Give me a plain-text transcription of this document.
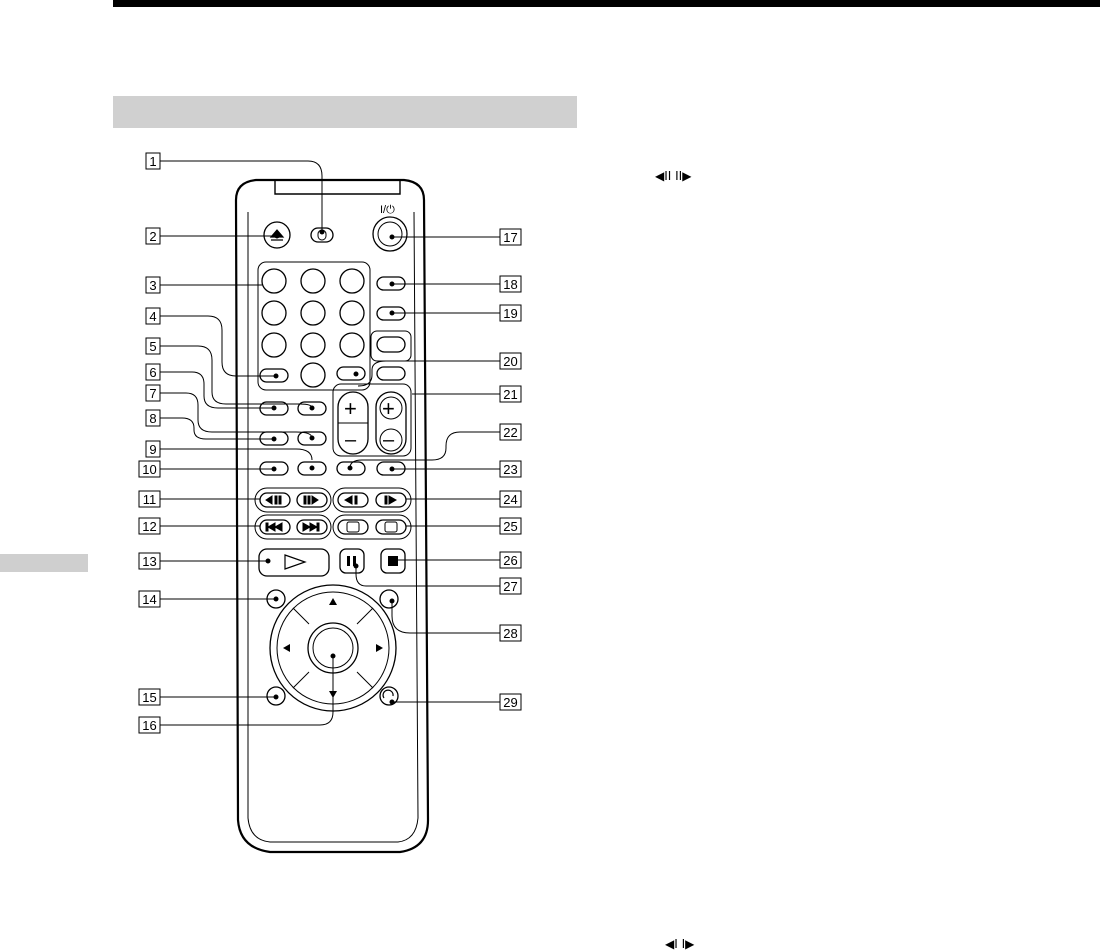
I/⏻
+
–
+
–
1
2
3
4
5
6
7
8
9
10
11
12
13
14
15
16
17
18
19
20
21
22
23
24
25
26
27
28
29
◀II II▶
◀I I▶
